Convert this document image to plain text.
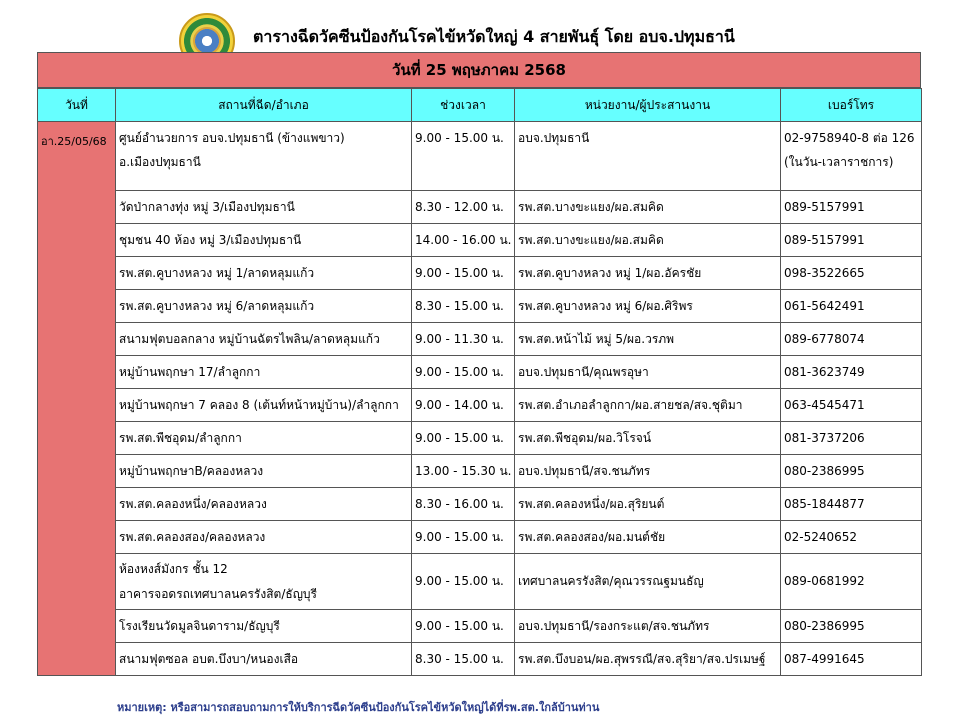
ตารางฉีดวัคซีนป้องกันโรคไข้หวัดใหญ่ 4 สายพันธุ์ โดย อบจ.ปทุมธานี
วันที่ 25 พฤษภาคม 2568
วันที่	สถานที่ฉีด/อำเภอ	ช่วงเวลา	หน่วยงาน/ผู้ประสานงาน	เบอร์โทร
อา.25/05/68	ศูนย์อำนวยการ อบจ.ปทุมธานี (ข้างแพขาว)
อ.เมืองปทุมธานี	9.00 - 15.00 น.	อบจ.ปทุมธานี	02-9758940-8 ต่อ 126
(ในวัน-เวลาราชการ)

	วัดป่ากลางทุ่ง หมู่ 3/เมืองปทุมธานี	8.30 - 12.00 น.	รพ.สต.บางขะแยง/ผอ.สมคิด	089-5157991

	ชุมชน 40 ห้อง หมู่ 3/เมืองปทุมธานี	14.00 - 16.00 น.	รพ.สต.บางขะแยง/ผอ.สมคิด	089-5157991

	รพ.สต.คูบางหลวง หมู่ 1/ลาดหลุมแก้ว	9.00 - 15.00 น.	รพ.สต.คูบางหลวง หมู่ 1/ผอ.อัครชัย	098-3522665

	รพ.สต.คูบางหลวง หมู่ 6/ลาดหลุมแก้ว	8.30 - 15.00 น.	รพ.สต.คูบางหลวง หมู่ 6/ผอ.ศิริพร	061-5642491

	สนามฟุตบอลกลาง หมู่บ้านฉัตรไพลิน/ลาดหลุมแก้ว	9.00 - 11.30 น.	รพ.สต.หน้าไม้ หมู่ 5/ผอ.วรภพ	089-6778074

	หมู่บ้านพฤกษา 17/ลำลูกกา	9.00 - 15.00 น.	อบจ.ปทุมธานี/คุณพรอุษา	081-3623749

	หมู่บ้านพฤกษา 7 คลอง 8 (เต้นท์หน้าหมู่บ้าน)/ลำลูกกา	9.00 - 14.00 น.	รพ.สต.อำเภอลำลูกกา/ผอ.สายชล/สจ.ชุติมา	063-4545471

	รพ.สต.พืชอุดม/ลำลูกกา	9.00 - 15.00 น.	รพ.สต.พืชอุดม/ผอ.วิโรจน์	081-3737206

	หมู่บ้านพฤกษาB/คลองหลวง	13.00 - 15.30 น.	อบจ.ปทุมธานี/สจ.ชนภัทร	080-2386995

	รพ.สต.คลองหนึ่ง/คลองหลวง	8.30 - 16.00 น.	รพ.สต.คลองหนึ่ง/ผอ.สุริยนต์	085-1844877

	รพ.สต.คลองสอง/คลองหลวง	9.00 - 15.00 น.	รพ.สต.คลองสอง/ผอ.มนต์ชัย	02-5240652

	ห้องหงส์มังกร ชั้น 12
อาคารจอดรถเทศบาลนครรังสิต/ธัญบุรี	9.00 - 15.00 น.	เทศบาลนครรังสิต/คุณวรรณฐมนธัญ	089-0681992

	โรงเรียนวัดมูลจินดาราม/ธัญบุรี	9.00 - 15.00 น.	อบจ.ปทุมธานี/รองกระแต/สจ.ชนภัทร	080-2386995

	สนามฟุตซอล อบต.บึงบา/หนองเสือ	8.30 - 15.00 น.	รพ.สต.บึงบอน/ผอ.สุพรรณี/สจ.สุริยา/สจ.ปรเมษฐ์	087-4991645
หมายเหตุ: หรือสามารถสอบถามการให้บริการฉีดวัคซีนป้องกันโรคไข้หวัดใหญ่ได้ที่รพ.สต.ใกล้บ้านท่าน
